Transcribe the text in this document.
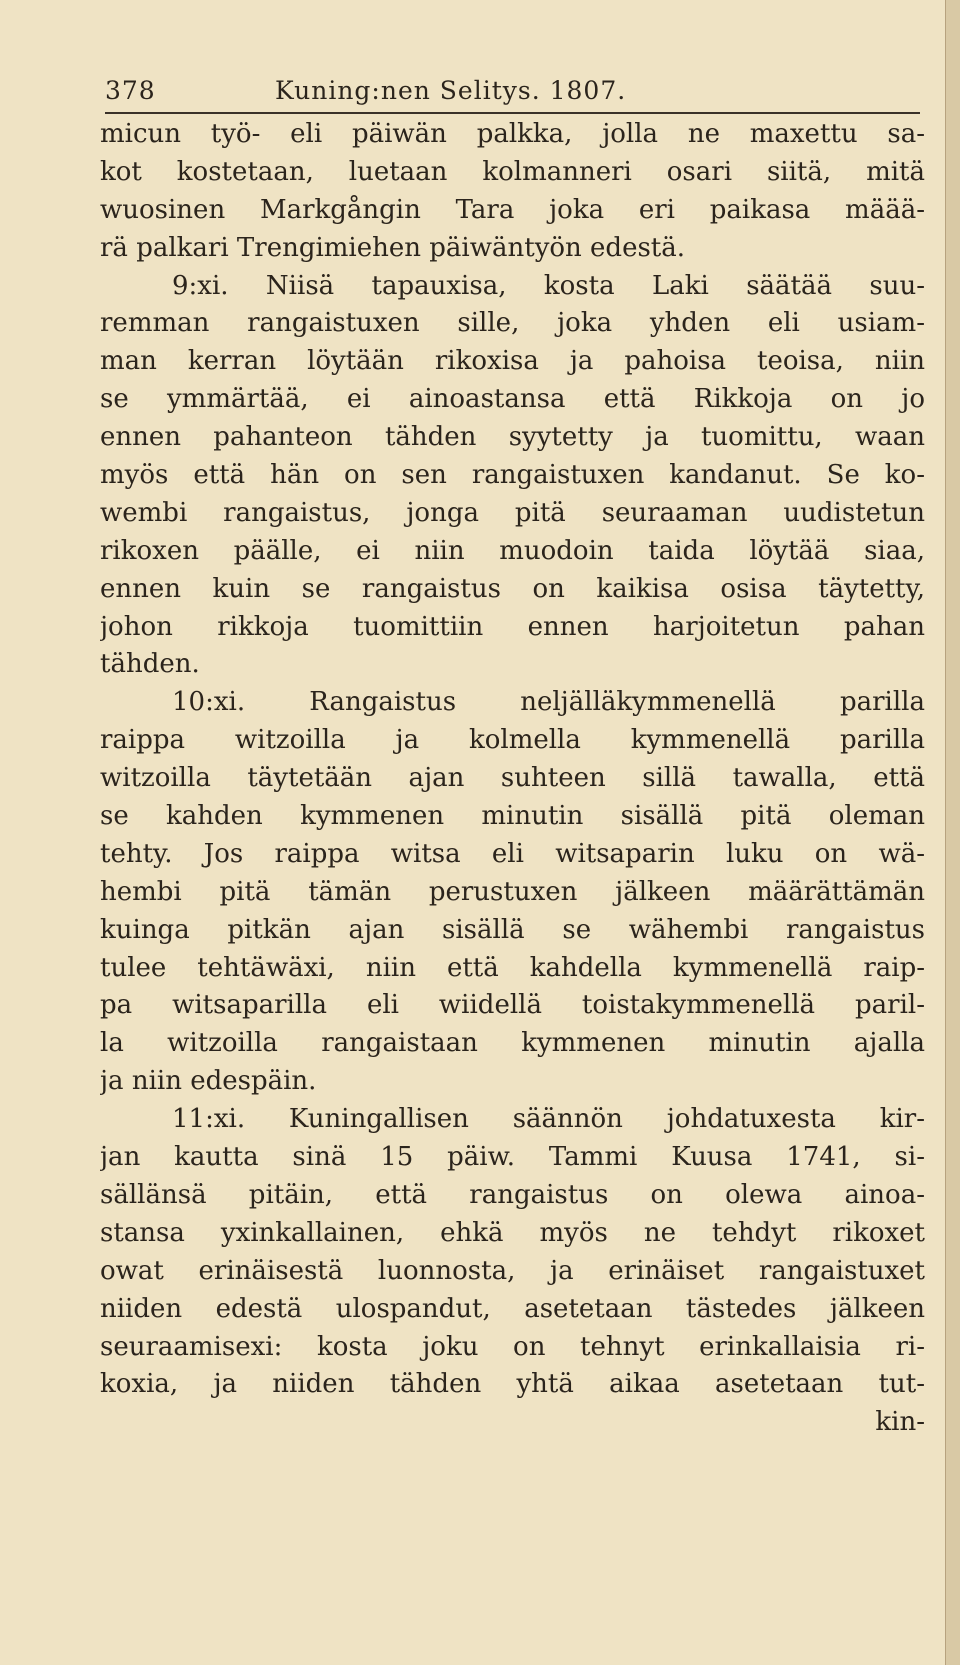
378	Kuning:nen Selitys. 1807.
micun työ- eli päiwän palkka, jolla ne maxettu sa-
kot kostetaan, luetaan kolmanneri osari siitä, mitä
wuosinen Markgångin Tara joka eri paikasa määä-
rä palkari Trengimiehen päiwäntyön edestä.
9:xi. Niisä tapauxisa, kosta Laki säätää suu-
remman rangaistuxen sille, joka yhden eli usiam-
man kerran löytään rikoxisa ja pahoisa teoisa, niin
se ymmärtää, ei ainoastansa että Rikkoja on jo
ennen pahanteon tähden syytetty ja tuomittu, waan
myös että hän on sen rangaistuxen kandanut. Se ko-
wembi rangaistus, jonga pitä seuraaman uudistetun
rikoxen päälle, ei niin muodoin taida löytää siaa,
ennen kuin se rangaistus on kaikisa osisa täytetty,
johon rikkoja tuomittiin ennen harjoitetun pahan
tähden.
10:xi. Rangaistus neljälläkymmenellä parilla
raippa witzoilla ja kolmella kymmenellä parilla
witzoilla täytetään ajan suhteen sillä tawalla, että
se kahden kymmenen minutin sisällä pitä oleman
tehty. Jos raippa witsa eli witsaparin luku on wä-
hembi pitä tämän perustuxen jälkeen määrättämän
kuinga pitkän ajan sisällä se wähembi rangaistus
tulee tehtäwäxi, niin että kahdella kymmenellä raip-
pa witsaparilla eli wiidellä toistakymmenellä paril-
la witzoilla rangaistaan kymmenen minutin ajalla
ja niin edespäin.
11:xi. Kuningallisen säännön johdatuxesta kir-
jan kautta sinä 15 päiw. Tammi Kuusa 1741, si-
sällänsä pitäin, että rangaistus on olewa ainoa-
stansa yxinkallainen, ehkä myös ne tehdyt rikoxet
owat erinäisestä luonnosta, ja erinäiset rangaistuxet
niiden edestä ulospandut, asetetaan tästedes jälkeen
seuraamisexi: kosta joku on tehnyt erinkallaisia ri-
koxia, ja niiden tähden yhtä aikaa asetetaan tut-
kin-
